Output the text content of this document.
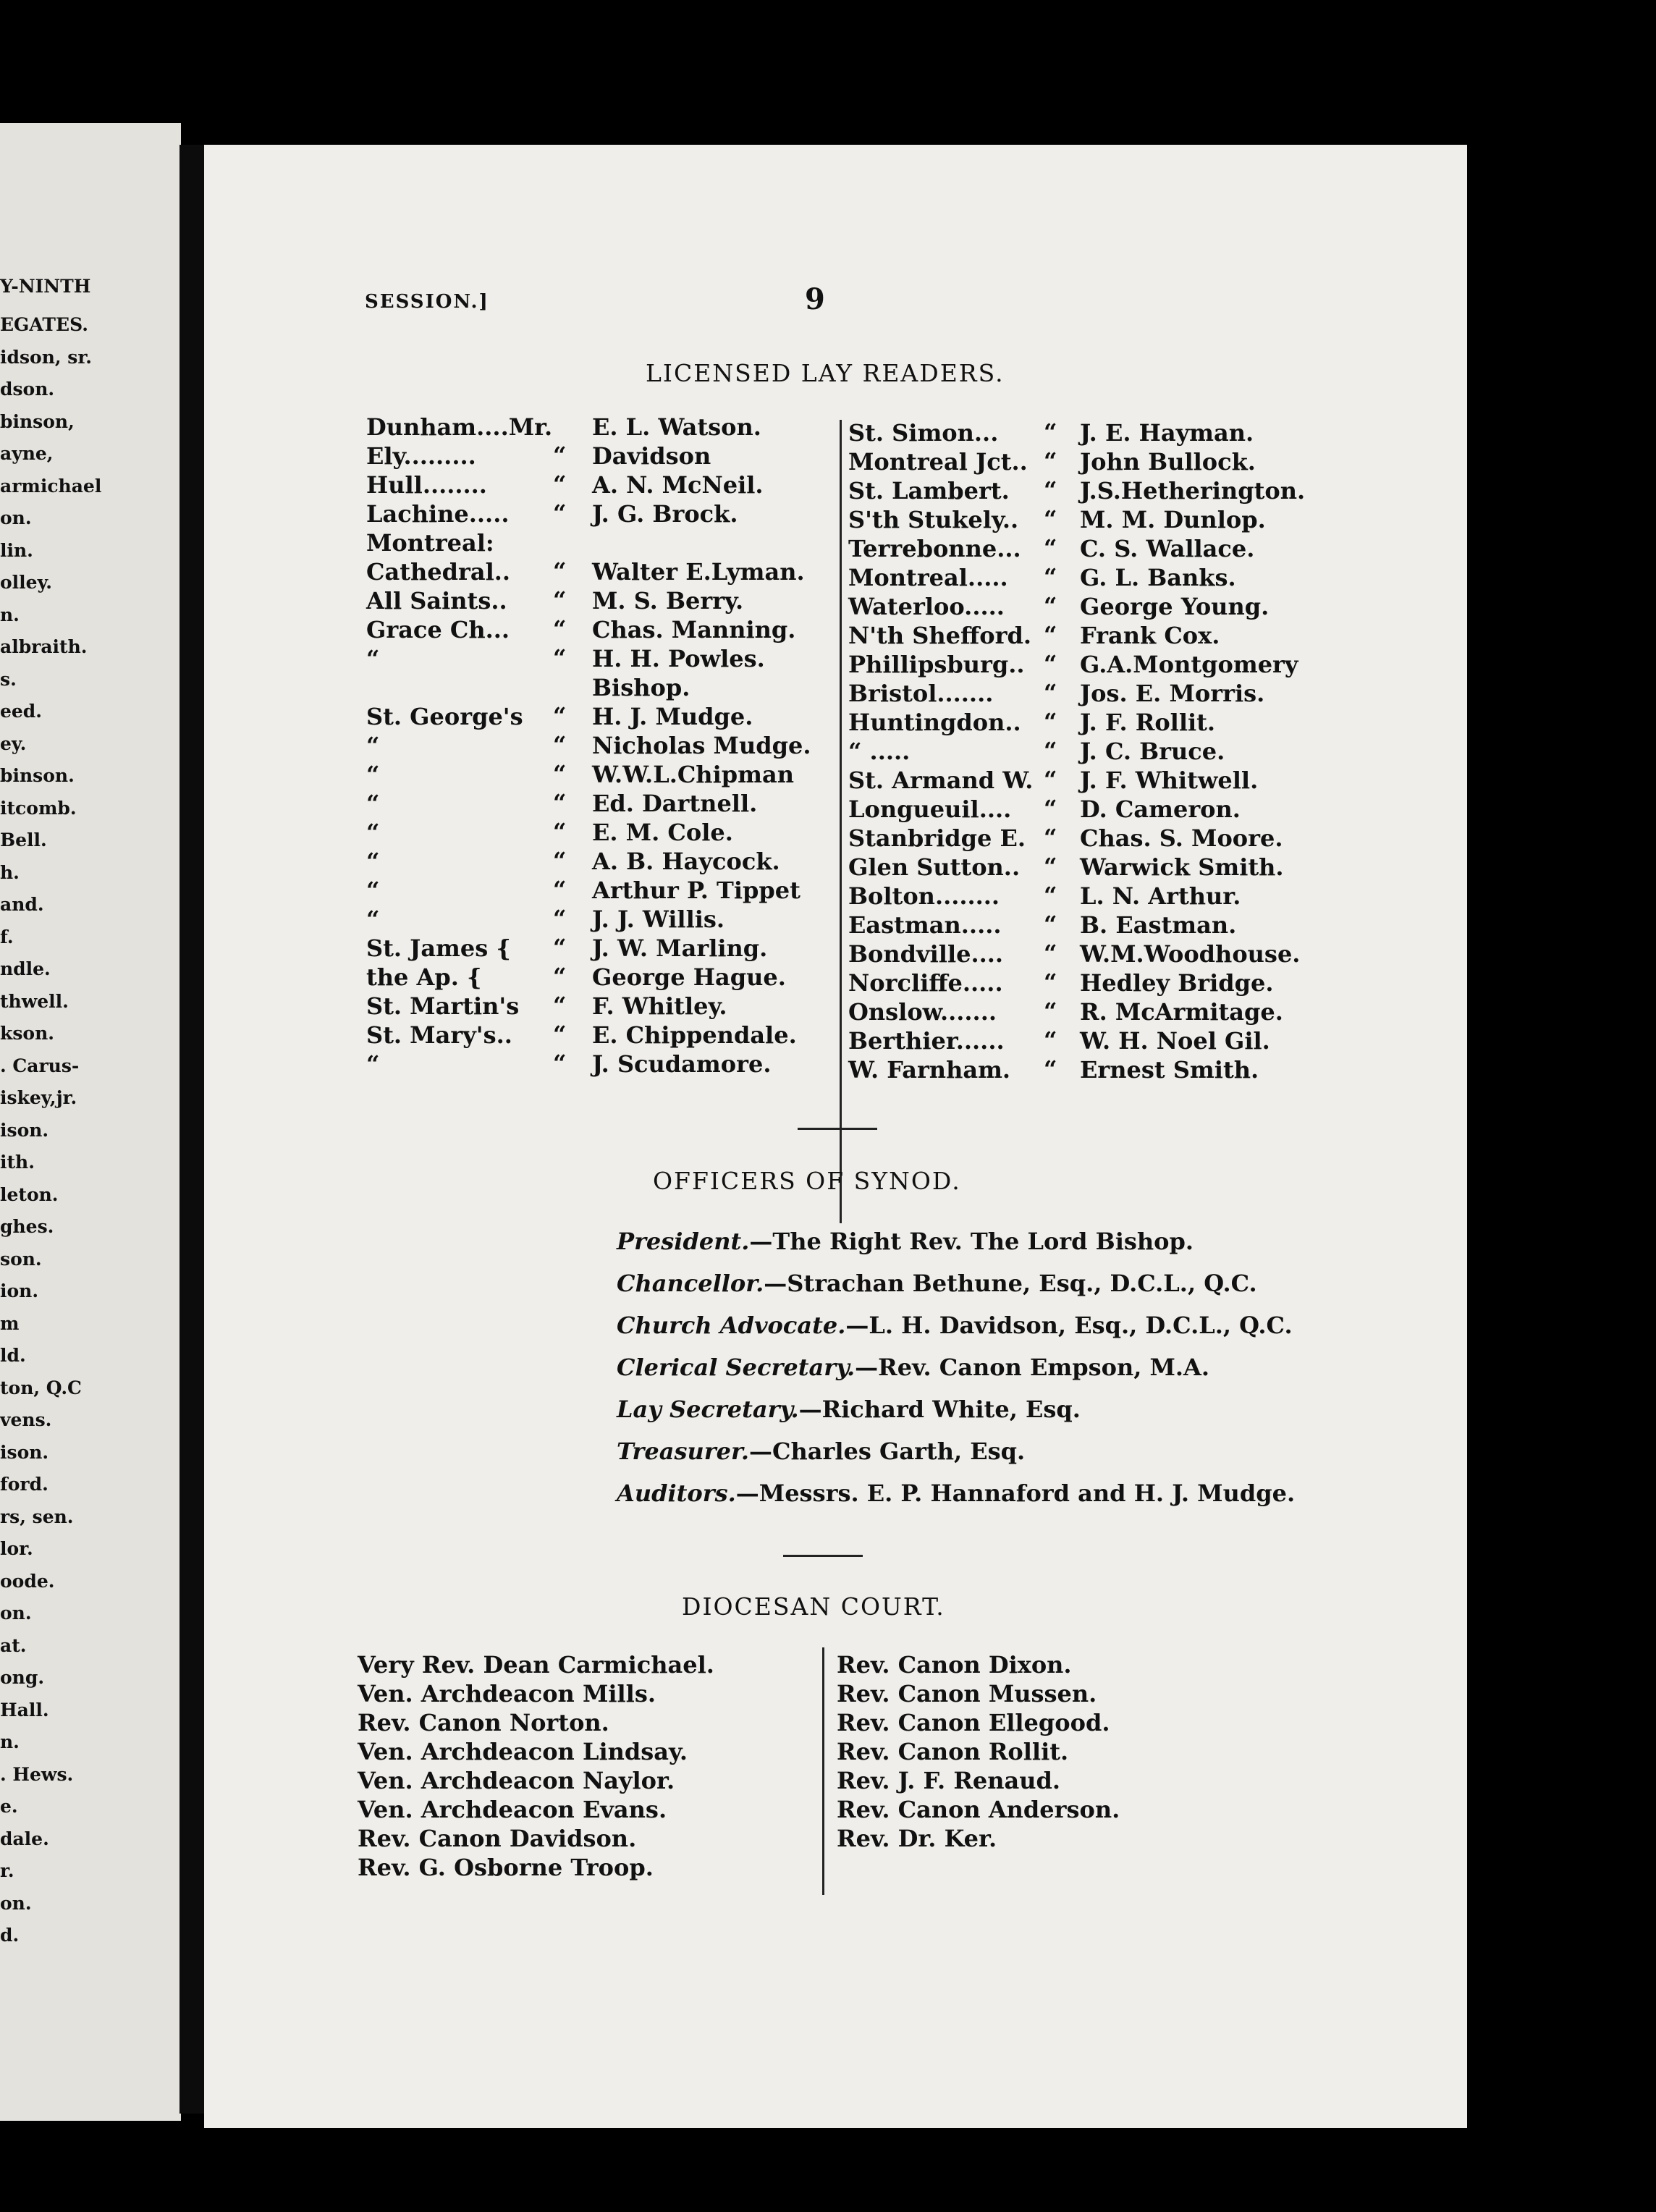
Y-NINTH
EGATES.
idson, sr.
dson.
binson,
ayne,
armichael
on.
lin.
olley.
n.
albraith.
s.
eed.
ey.
binson.
itcomb.
Bell.
h.
and.
f.
ndle.
thwell.
kson.
. Carus-
iskey,jr.
ison.
ith.
leton.
ghes.
son.
ion.
m
ld.
ton, Q.C
vens.
ison.
ford.
rs, sen.
lor.
oode.
on.
at.
ong.
Hall.
n.
. Hews.
e.
dale.
r.
on.
d.
SESSION.]	9
LICENSED LAY READERS.
Dunham....Mr. E. L. Watson.
Ely.........	“ Davidson
Hull........	“ A. N. McNeil.
Lachine..... “ J. G. Brock.
Montreal:
Cathedral.. “ Walter E.Lyman.
All Saints.. “ M. S. Berry.
Grace Ch... “ Chas. Manning.
“	“ H. H. Powles.
Bishop.
St. George's “ H. J. Mudge.
“	“ Nicholas Mudge.
“	“ W.W.L.Chipman
“	“ Ed. Dartnell.
“	“ E. M. Cole.
“	“ A. B. Haycock.
“	“ Arthur P. Tippet
“	“ J. J. Willis.
St. James { “ J. W. Marling.
the Ap. {	“ George Hague.
St. Martin's “ F. Whitley.
St. Mary's.. “ E. Chippendale.
“	“ J. Scudamore.
St. Simon... “ J. E. Hayman.
Montreal Jct.. “ John Bullock.
St. Lambert. “ J.S.Hetherington.
S'th Stukely.. “ M. M. Dunlop.
Terrebonne... “ C. S. Wallace.
Montreal..... “ G. L. Banks.
Waterloo..... “ George Young.
N'th Shefford. “ Frank Cox.
Phillipsburg.. “ G.A.Montgomery
Bristol....... “ Jos. E. Morris.
Huntingdon.. “ J. F. Rollit.
“ .....	“ J. C. Bruce.
St. Armand W. “ J. F. Whitwell.
Longueuil.... “ D. Cameron.
Stanbridge E. “ Chas. S. Moore.
Glen Sutton.. “ Warwick Smith.
Bolton........ “ L. N. Arthur.
Eastman..... “ B. Eastman.
Bondville.... “ W.M.Woodhouse.
Norcliffe..... “ Hedley Bridge.
Onslow....... “ R. McArmitage.
Berthier...... “ W. H. Noel Gil.
W. Farnham. “ Ernest Smith.
OFFICERS OF SYNOD.
President.—The Right Rev. The Lord Bishop.
Chancellor.—Strachan Bethune, Esq., D.C.L., Q.C.
Church Advocate.—L. H. Davidson, Esq., D.C.L., Q.C.
Clerical Secretary.—Rev. Canon Empson, M.A.
Lay Secretary.—Richard White, Esq.
Treasurer.—Charles Garth, Esq.
Auditors.—Messrs. E. P. Hannaford and H. J. Mudge.
DIOCESAN COURT.
Very Rev. Dean Carmichael.
Ven. Archdeacon Mills.
Rev. Canon Norton.
Ven. Archdeacon Lindsay.
Ven. Archdeacon Naylor.
Ven. Archdeacon Evans.
Rev. Canon Davidson.
Rev. G. Osborne Troop.
Rev. Canon Dixon.
Rev. Canon Mussen.
Rev. Canon Ellegood.
Rev. Canon Rollit.
Rev. J. F. Renaud.
Rev. Canon Anderson.
Rev. Dr. Ker.
